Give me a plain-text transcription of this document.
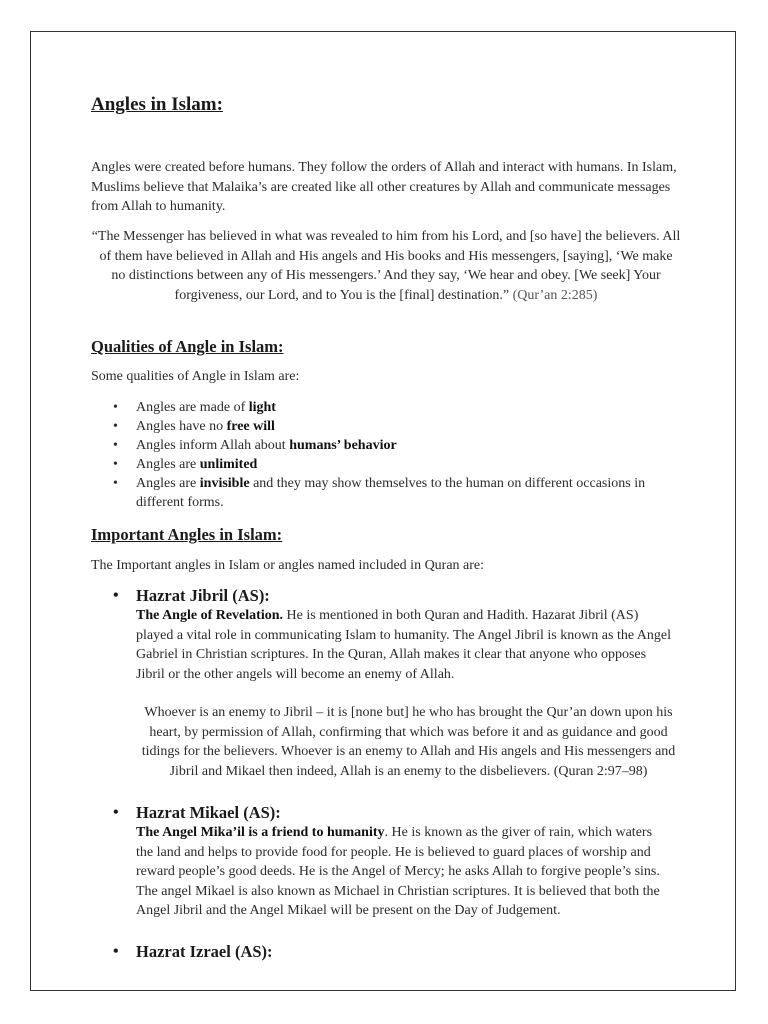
Angles in Islam:

Angles were created before humans. They follow the orders of Allah and interact with humans. In Islam, Muslims believe that Malaika’s are created like all other creatures by Allah and communicate messages from Allah to humanity.

“The Messenger has believed in what was revealed to him from his Lord, and [so have] the believers. All of them have believed in Allah and His angels and His books and His messengers, [saying], ‘We make no distinctions between any of His messengers.’ And they say, ‘We hear and obey. [We seek] Your forgiveness, our Lord, and to You is the [final] destination.” (Qur’an 2:285)

Qualities of Angle in Islam:

Some qualities of Angle in Islam are:

• Angles are made of light
• Angles have no free will
• Angles inform Allah about humans’ behavior
• Angles are unlimited
• Angles are invisible and they may show themselves to the human on different occasions in different forms.
Important Angles in Islam:

The Important angles in Islam or angles named included in Quran are:

• Hazrat Jibril (AS):
The Angle of Revelation. He is mentioned in both Quran and Hadith. Hazarat Jibril (AS) played a vital role in communicating Islam to humanity. The Angel Jibril is known as the Angel Gabriel in Christian scriptures. In the Quran, Allah makes it clear that anyone who opposes Jibril or the other angels will become an enemy of Allah.
Whoever is an enemy to Jibril – it is [none but] he who has brought the Qur’an down upon his heart, by permission of Allah, confirming that which was before it and as guidance and good tidings for the believers. Whoever is an enemy to Allah and His angels and His messengers and Jibril and Mikael then indeed, Allah is an enemy to the disbelievers. (Quran 2:97–98)
• Hazrat Mikael (AS):
The Angel Mika’il is a friend to humanity. He is known as the giver of rain, which waters the land and helps to provide food for people. He is believed to guard places of worship and reward people’s good deeds. He is the Angel of Mercy; he asks Allah to forgive people’s sins. The angel Mikael is also known as Michael in Christian scriptures. It is believed that both the Angel Jibril and the Angel Mikael will be present on the Day of Judgement.
• Hazrat Izrael (AS):
